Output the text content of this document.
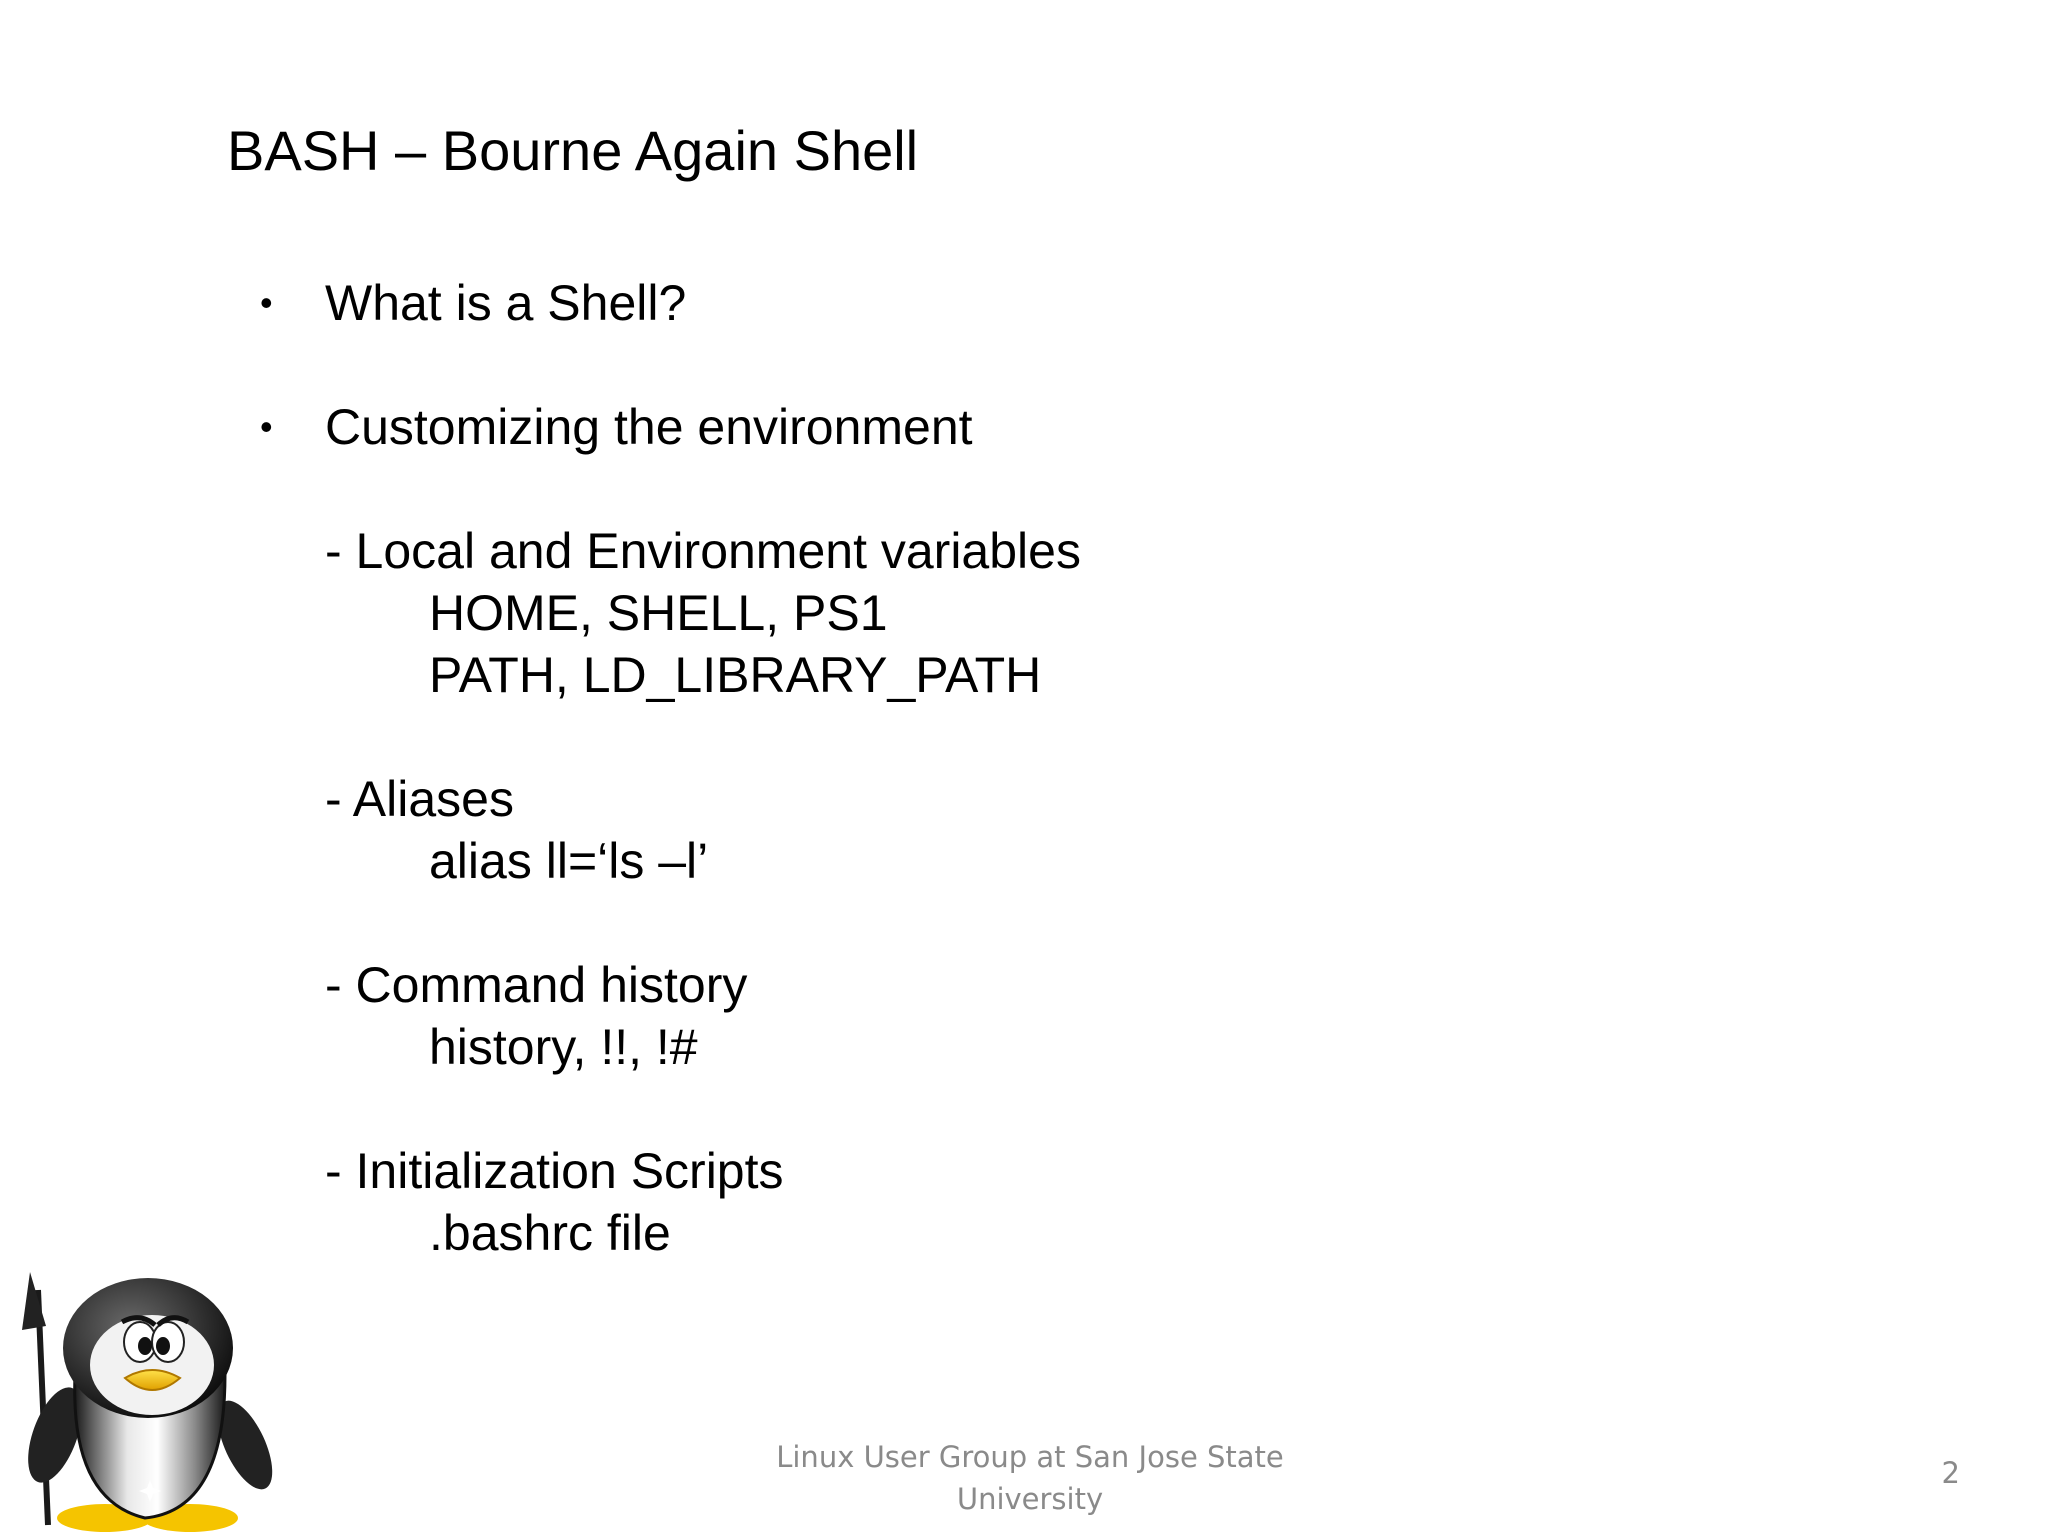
BASH – Bourne Again Shell
• What is a Shell?
• Customizing the environment
- Local and Environment variables
HOME, SHELL, PS1
PATH, LD_LIBRARY_PATH
- Aliases
alias ll=‘ls –l’
- Command history
history, !!, !#
- Initialization Scripts
.bashrc file
Linux User Group at San Jose State
University
2
